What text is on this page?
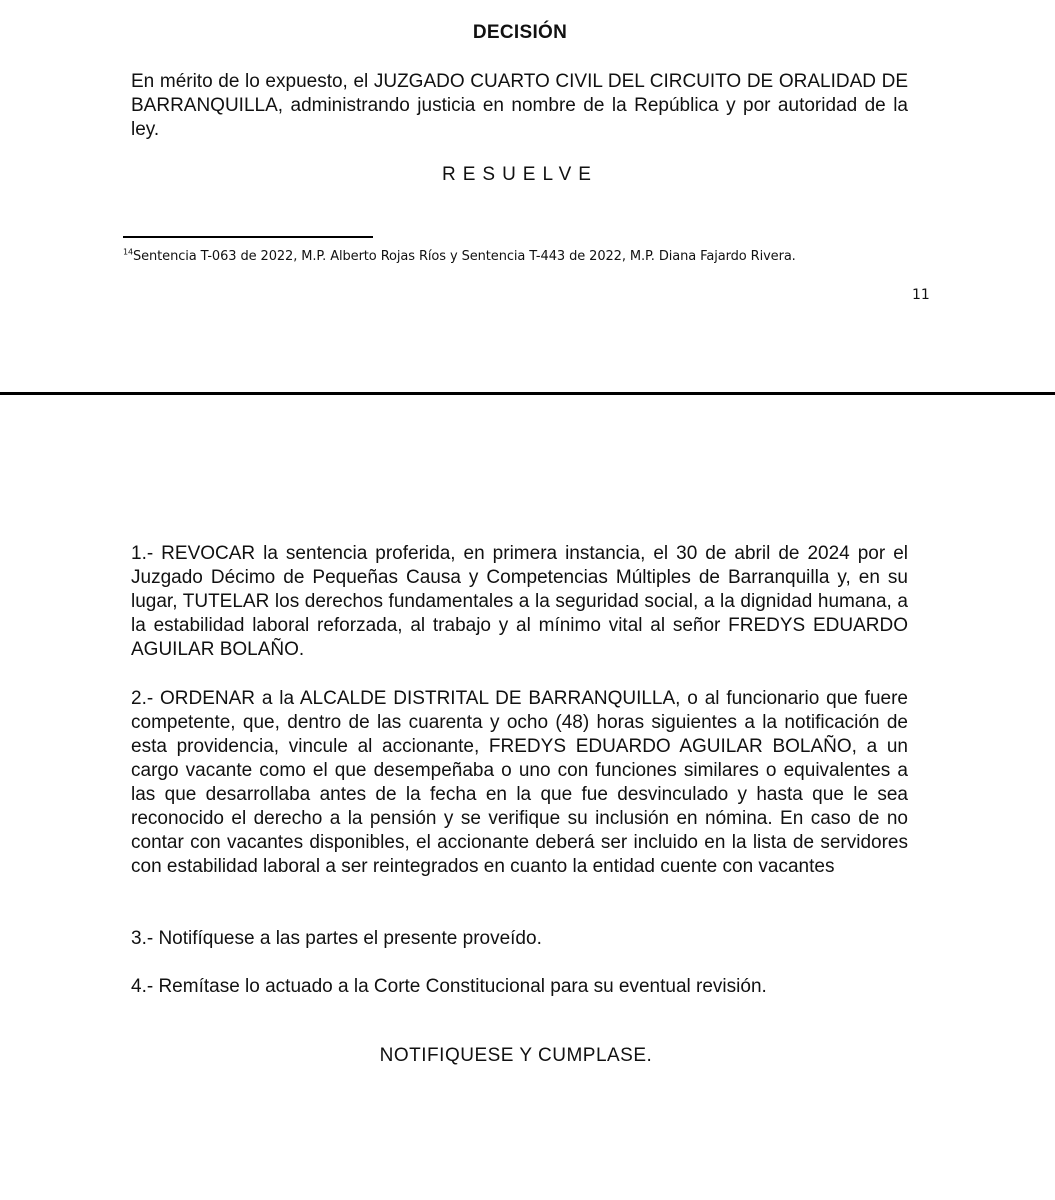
DECISIÓN

En mérito de lo expuesto, el JUZGADO CUARTO CIVIL DEL CIRCUITO DE ORALIDAD DE BARRANQUILLA, administrando justicia en nombre de la República y por autoridad de la ley.

RESUELVE
$^{14}$Sentencia T-063 de 2022, M.P. Alberto Rojas Ríos y Sentencia T-443 de 2022, M.P. Diana Fajardo Rivera.
11

1.- REVOCAR la sentencia proferida, en primera instancia, el 30 de abril de 2024 por el Juzgado Décimo de Pequeñas Causa y Competencias Múltiples de Barranquilla y, en su lugar, TUTELAR los derechos fundamentales a la seguridad social, a la dignidad humana, a la estabilidad laboral reforzada, al trabajo y al mínimo vital al señor FREDYS EDUARDO AGUILAR BOLAÑO.

2.- ORDENAR a la ALCALDE DISTRITAL DE BARRANQUILLA, o al funcionario que fuere competente, que, dentro de las cuarenta y ocho (48) horas siguientes a la notificación de esta providencia, vincule al accionante, FREDYS EDUARDO AGUILAR BOLAÑO, a un cargo vacante como el que desempeñaba o uno con funciones similares o equivalentes a las que desarrollaba antes de la fecha en la que fue desvinculado y hasta que le sea reconocido el derecho a la pensión y se verifique su inclusión en nómina. En caso de no contar con vacantes disponibles, el accionante deberá ser incluido en la lista de servidores con estabilidad laboral a ser reintegrados en cuanto la entidad cuente con vacantes

3.- Notifíquese a las partes el presente proveído.

4.- Remítase lo actuado a la Corte Constitucional para su eventual revisión.

NOTIFIQUESE Y CUMPLASE.
